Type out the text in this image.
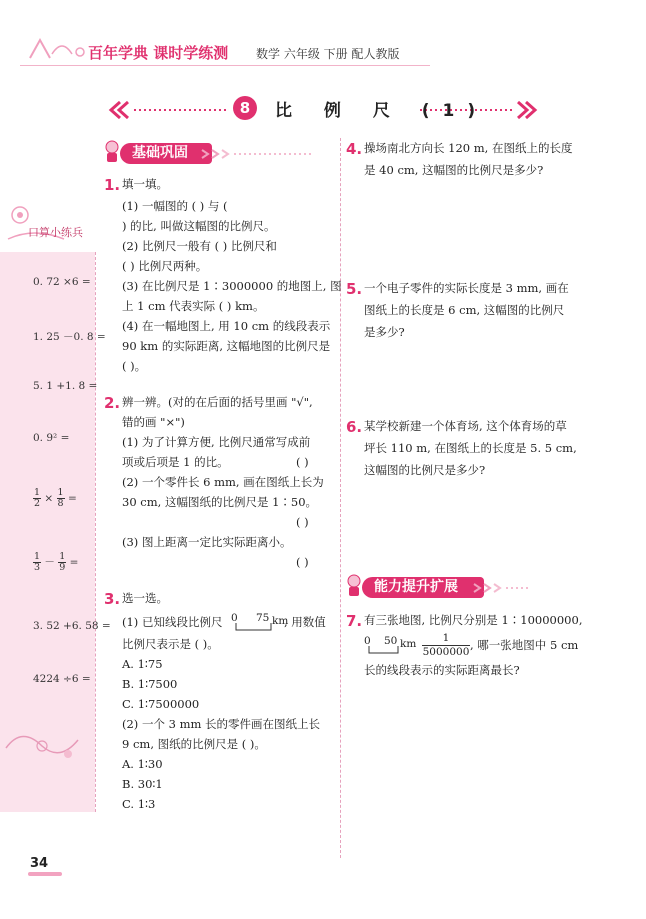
百年学典 课时学练测 数学 六年级 下册 配人教版
8	比 例 尺 (1)
基础巩固
口算小练兵
0. 72 ×6 =
1. 25 －0. 8 =
5. 1 +1. 8 =
0. 9² =
$\frac{1}{2} \times \frac{1}{8}$ =
$\frac{1}{3} - \frac{1}{9}$ =
3. 52 +6. 58 =
4224 ÷6 =
1. 填一填。
(1) 一幅图的 ( ) 与 (
) 的比, 叫做这幅图的比例尺。
(2) 比例尺一般有 ( ) 比例尺和
( ) 比例尺两种。
(3) 在比例尺是 1∶3000000 的地图上, 图
上 1 cm 代表实际 ( ) km。
(4) 在一幅地图上, 用 10 cm 的线段表示
90 km 的实际距离, 这幅地图的比例尺是
( )。
2. 辨一辨。(对的在后面的括号里画 "√",
错的画 "×")
(1) 为了计算方便, 比例尺通常写成前
项或后项是 1 的比。	( )
(2) 一个零件长 6 mm, 画在图纸上长为
30 cm, 这幅图纸的比例尺是 1∶50。
( )
(3) 图上距离一定比实际距离小。
( )
3. 选一选。
(1) 已知线段比例尺 0 75 km
, 用数值
比例尺表示是 ( )。
A. 1∶75
B. 1∶7500
C. 1∶7500000
(2) 一个 3 mm 长的零件画在图纸上长
9 cm, 图纸的比例尺是 ( )。
A. 1∶30
B. 30∶1
C. 1∶3
4. 操场南北方向长 120 m, 在图纸上的长度
是 40 cm, 这幅图的比例尺是多少?
5. 一个电子零件的实际长度是 3 mm, 画在
图纸上的长度是 6 cm, 这幅图的比例尺
是多少?
6. 某学校新建一个体育场, 这个体育场的草
坪长 110 m, 在图纸上的长度是 5. 5 cm,
这幅图的比例尺是多少?
能力提升扩展
7. 有三张地图, 比例尺分别是 1∶10000000,
0 50 km	1
5000000 , 哪一张地图中 5 cm
长的线段表示的实际距离最长?
34
